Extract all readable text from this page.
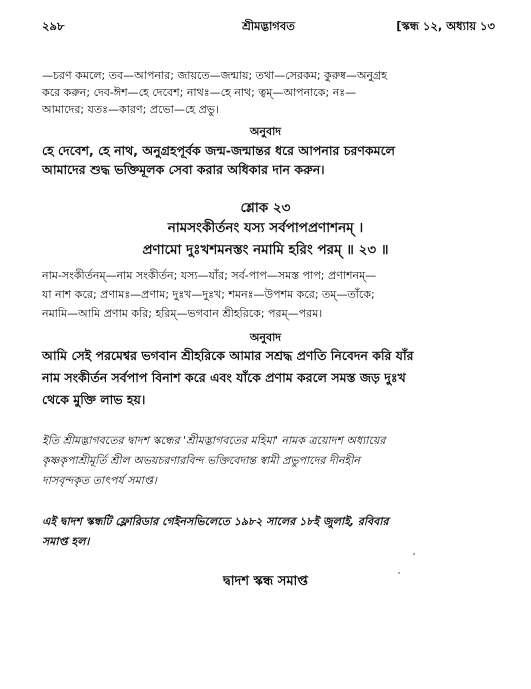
২৯৮	শ্রীমদ্ভাগবত	[স্কন্ধ ১২, অধ্যায় ১৩
—চরণ কমলে; তব—আপনার; জায়তে—জন্মায়; তথা—সেরকম; কুরুষ্ব—অনুগ্রহ
করে করুন; দেব-ঈশ—হে দেবেশ; নাথঃ—হে নাথ; ত্বম্—আপনাকে; নঃ—
আমাদের; যতঃ—কারণ; প্রভো—হে প্রভু।
অনুবাদ
হে দেবেশ, হে নাথ, অনুগ্রহপূর্বক জন্ম-জন্মান্তর ধরে আপনার চরণকমলে
আমাদের শুদ্ধ ভক্তিমূলক সেবা করার অধিকার দান করুন।
শ্লোক ২৩
নামসংকীর্তনং যস্য সর্বপাপপ্রণাশনম্ ।
প্রণামো দুঃখশমনস্তং নমামি হরিং পরম্ ॥ ২৩ ॥
নাম-সংকীর্তনম্—নাম সংকীর্তন; যস্য—যাঁর; সর্ব-পাপ—সমস্ত পাপ; প্রণাশনম্—
যা নাশ করে; প্রণামঃ—প্রণাম; দুঃখ—দুঃখ; শমনঃ—উপশম করে; তম্—তাঁকে;
নমামি—আমি প্রণাম করি; হরিম্—ভগবান শ্রীহরিকে; পরম্—পরম।
অনুবাদ
আমি সেই পরমেশ্বর ভগবান শ্রীহরিকে আমার সশ্রদ্ধ প্রণতি নিবেদন করি যাঁর
নাম সংকীর্তন সর্বপাপ বিনাশ করে এবং যাঁকে প্রণাম করলে সমস্ত জড় দুঃখ
থেকে মুক্তি লাভ হয়।
ইতি শ্রীমদ্ভাগবতের দ্বাদশ স্কন্ধের 'শ্রীমদ্ভাগবতের মহিমা' নামক ত্রয়োদশ অধ্যায়ের
কৃষ্ণকৃপাশ্রীমূর্তি শ্রীল অভয়চরণারবিন্দ ভক্তিবেদান্ত স্বামী প্রভুপাদের দীনহীন
দাসবৃন্দকৃত তাৎপর্য সমাপ্ত।
এই দ্বাদশ স্কন্ধটি ফ্লোরিডার গেইনসভিলেতে ১৯৮২ সালের ১৮ই জুলাই, রবিবার
সমাপ্ত হল।
দ্বাদশ স্কন্ধ সমাপ্ত
